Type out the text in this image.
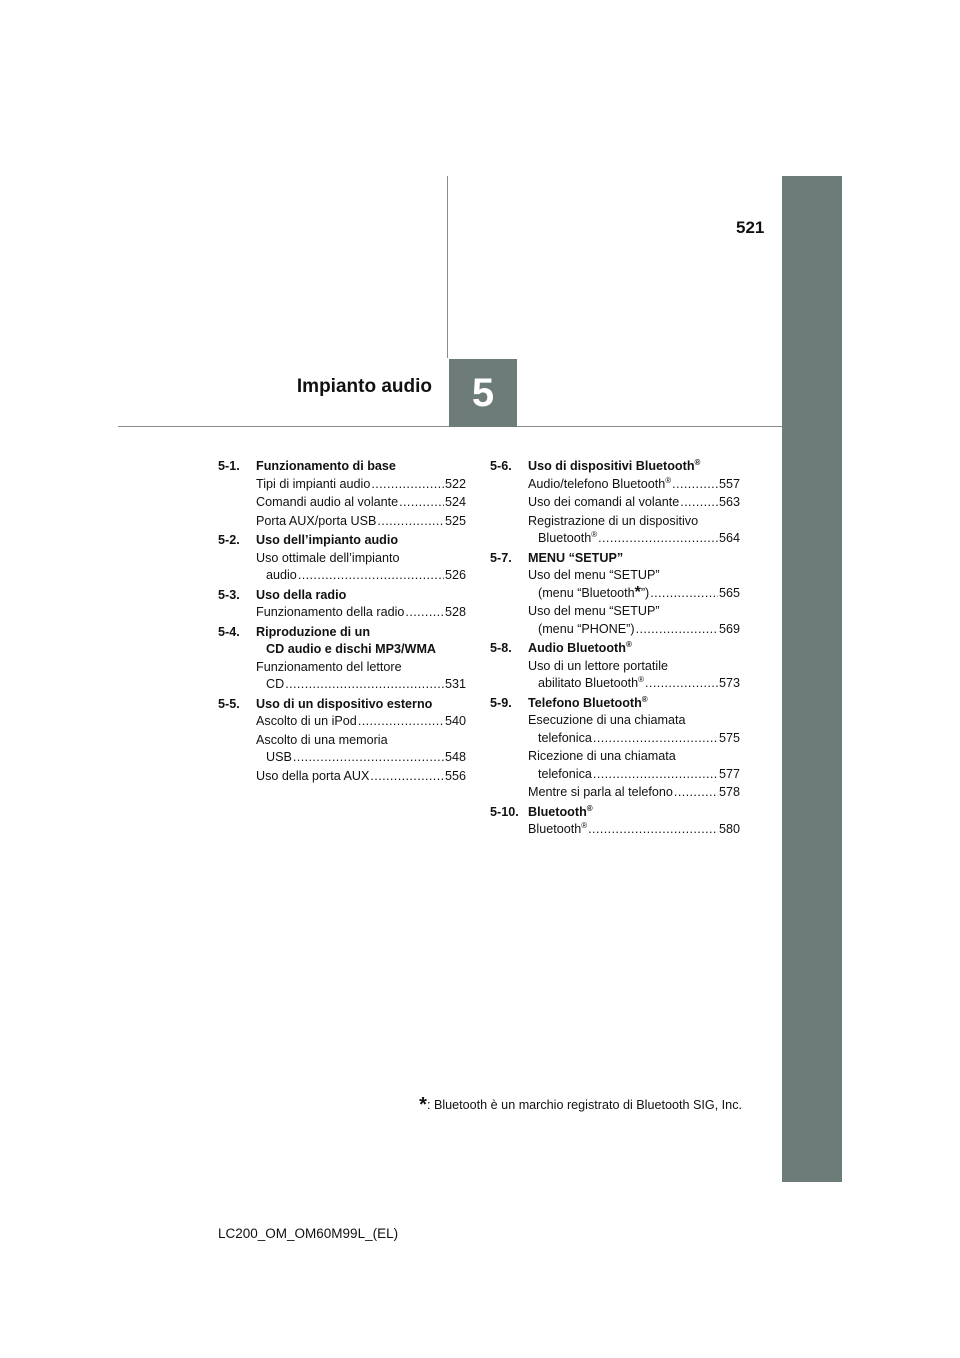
5
521
Impianto audio
5-1.	Funzionamento di base
Tipi di impianti audio .....	522
Comandi audio al volante .....	524
Porta AUX/porta USB .....	525
5-2.	Uso dell’impianto audio
Uso ottimale dell’impianto
audio .....	526
5-3.	Uso della radio
Funzionamento della radio .....	528
5-4.	Riproduzione di un
CD audio e dischi MP3/WMA
Funzionamento del lettore
CD .....	531
5-5.	Uso di un dispositivo esterno
Ascolto di un iPod .....	540
Ascolto di una memoria
USB .....	548
Uso della porta AUX .....	556
5-6.	Uso di dispositivi Bluetooth®
Audio/telefono Bluetooth® .....	557
Uso dei comandi al volante .....	563
Registrazione di un dispositivo
Bluetooth® .....	564
5-7.	MENU “SETUP”
Uso del menu “SETUP”
(menu “Bluetooth*”) .....	565
Uso del menu “SETUP”
(menu “PHONE”) .....	569
5-8.	Audio Bluetooth®
Uso di un lettore portatile
abilitato Bluetooth® .....	573
5-9.	Telefono Bluetooth®
Esecuzione di una chiamata
telefonica .....	575
Ricezione di una chiamata
telefonica .....	577
Mentre si parla al telefono .....	578
5-10. Bluetooth®
Bluetooth® .....	580
*: Bluetooth è un marchio registrato di Bluetooth SIG, Inc.
LC200_OM_OM60M99L_(EL)
